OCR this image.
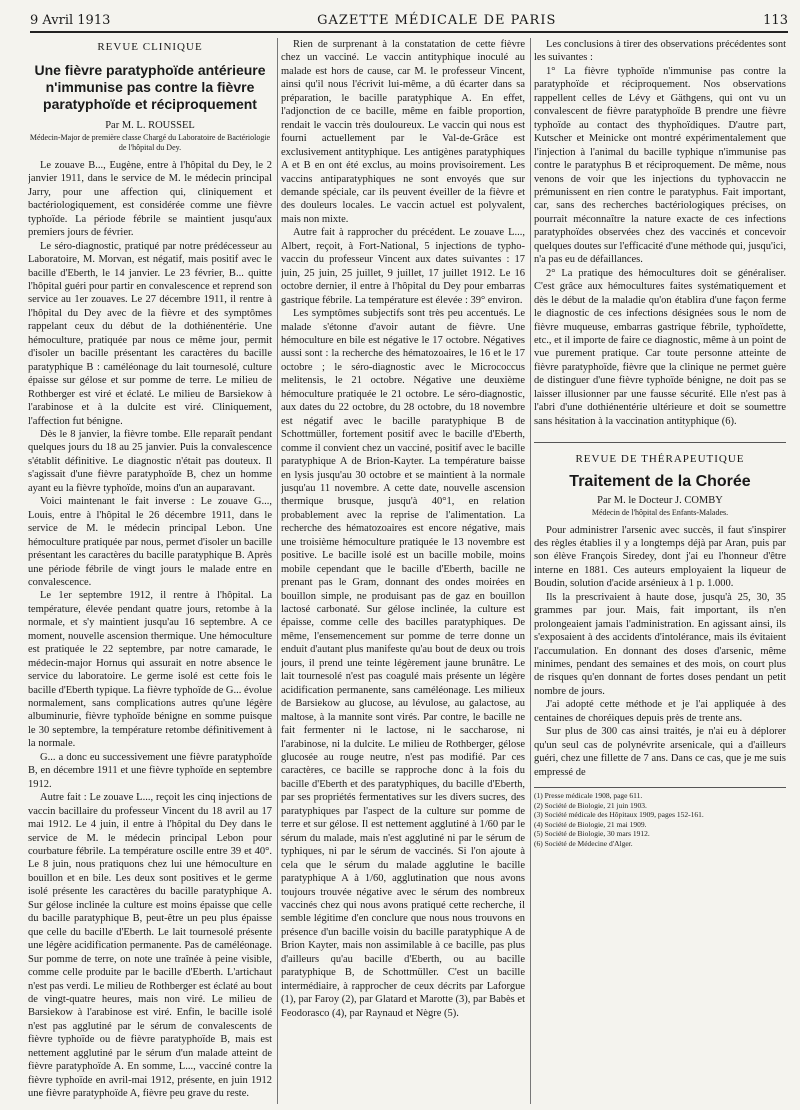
9 Avril 1913	GAZETTE MÉDICALE DE PARIS	113

REVUE CLINIQUE

Une fièvre paratyphoïde antérieure n'immunise pas contre la fièvre paratyphoïde et réciproquement

Par M. L. ROUSSEL

Médecin-Major de première classe Chargé du Laboratoire de Bactériologie de l'hôpital du Dey.

Le zouave B..., Eugène, entre à l'hôpital du Dey, le 2 janvier 1911, dans le service de M. le médecin principal Jarry, pour une affection qui, cliniquement et bactériologiquement, est considérée comme une fièvre typhoïde. La période fébrile se maintient jusqu'aux premiers jours de février.

Le séro-diagnostic, pratiqué par notre prédécesseur au Laboratoire, M. Morvan, est négatif, mais positif avec le bacille d'Eberth, le 14 janvier. Le 23 février, B... quitte l'hôpital guéri pour partir en convalescence et reprend son service au 1er zouaves. Le 27 décembre 1911, il rentre à l'hôpital du Dey avec de la fièvre et des symptômes rappelant ceux du début de la dothiénentérie. Une hémoculture, pratiquée par nous ce même jour, permit d'isoler un bacille présentant les caractères du bacille paratyphique B : caméléonage du lait tournesolé, culture épaisse sur gélose et sur pomme de terre. Le milieu de Rothberger est viré et éclaté. Le milieu de Barsiekow à l'arabinose et à la dulcite est viré. Cliniquement, l'affection fut bénigne.

Dès le 8 janvier, la fièvre tombe. Elle reparaît pendant quelques jours du 18 au 25 janvier. Puis la convalescence s'établit définitive. Le diagnostic n'était pas douteux. Il s'agissait d'une fièvre paratyphoïde B, chez un homme ayant eu la fièvre typhoïde, moins d'un an auparavant.

Voici maintenant le fait inverse : Le zouave G..., Louis, entre à l'hôpital le 26 décembre 1911, dans le service de M. le médecin principal Lebon. Une hémoculture pratiquée par nous, permet d'isoler un bacille présentant les caractères du bacille paratyphique B. Après une période fébrile de vingt jours le malade entre en convalescence.

Le 1er septembre 1912, il rentre à l'hôpital. La température, élevée pendant quatre jours, retombe à la normale, et s'y maintient jusqu'au 16 septembre. A ce moment, nouvelle ascension thermique. Une hémoculture est pratiquée le 22 septembre, par notre camarade, le médecin-major Hornus qui assurait en notre absence le service du laboratoire. Le germe isolé est cette fois le bacille d'Eberth typique. La fièvre typhoïde de G... évolue normalement, sans complications autres qu'une légère albuminurie, fièvre typhoïde bénigne en somme puisque le 30 septembre, la température retombe définitivement à la normale.

G... a donc eu successivement une fièvre paratyphoïde B, en décembre 1911 et une fièvre typhoïde en septembre 1912.

Autre fait : Le zouave L..., reçoit les cinq injections de vaccin bacillaire du professeur Vincent du 18 avril au 17 mai 1912. Le 4 juin, il entre à l'hôpital du Dey dans le service de M. le médecin principal Lebon pour courbature fébrile. La température oscille entre 39 et 40°. Le 8 juin, nous pratiquons chez lui une hémoculture en bouillon et en bile. Les deux sont positives et le germe isolé présente les caractères du bacille paratyphique A. Sur gélose inclinée la culture est moins épaisse que celle du bacille paratyphique B, peut-être un peu plus épaisse que celle du bacille d'Eberth. Le lait tournesolé présente une légère acidification permanente. Pas de caméléonage. Sur pomme de terre, on note une traînée à peine visible, comme celle produite par le bacille d'Eberth. L'artichaut n'est pas verdi. Le milieu de Rothberger est éclaté au bout de vingt-quatre heures, mais non viré. Le milieu de Barsiekow à l'arabinose est viré. Enfin, le bacille isolé n'est pas agglutiné par le sérum de convalescents de fièvre typhoïde ou de fièvre paratyphoïde B, mais est nettement agglutiné par le sérum d'un malade atteint de fièvre paratyphoïde A. En somme, L..., vacciné contre la fièvre typhoïde en avril-mai 1912, présente, en juin 1912 une fièvre paratyphoïde A, fièvre peu grave du reste.

Rien de surprenant à la constatation de cette fièvre chez un vacciné. Le vaccin antityphique inoculé au malade est hors de cause, car M. le professeur Vincent, ainsi qu'il nous l'écrivit lui-même, a dû écarter dans sa préparation, le bacille paratyphique A. En effet, l'adjonction de ce bacille, même en faible proportion, rendait le vaccin très douloureux. Le vaccin qui nous est fourni actuellement par le Val-de-Grâce est exclusivement antityphique. Les antigènes paratyphiques A et B en ont été exclus, au moins provisoirement. Les vaccins antiparatyphiques ne sont envoyés que sur demande spéciale, car ils peuvent éveiller de la fièvre et des douleurs locales. Le vaccin actuel est polyvalent, mais non mixte.

Autre fait à rapprocher du précédent. Le zouave L..., Albert, reçoit, à Fort-National, 5 injections de typho-vaccin du professeur Vincent aux dates suivantes : 17 juin, 25 juin, 25 juillet, 9 juillet, 17 juillet 1912. Le 16 octobre dernier, il entre à l'hôpital du Dey pour embarras gastrique fébrile. La température est élevée : 39° environ.

Les symptômes subjectifs sont très peu accentués. Le malade s'étonne d'avoir autant de fièvre. Une hémoculture en bile est négative le 17 octobre. Négatives aussi sont : la recherche des hématozoaires, le 16 et le 17 octobre ; le séro-diagnostic avec le Micrococcus melitensis, le 21 octobre. Négative une deuxième hémoculture pratiquée le 21 octobre. Le séro-diagnostic, aux dates du 22 octobre, du 28 octobre, du 18 novembre est négatif avec le bacille paratyphique B de Schottmüller, fortement positif avec le bacille d'Eberth, comme il convient chez un vacciné, positif avec le bacille paratyphique A de Brion-Kayter. La température baisse en lysis jusqu'au 30 octobre et se maintient à la normale jusqu'au 11 novembre. A cette date, nouvelle ascension thermique brusque, jusqu'à 40°1, en relation probablement avec la reprise de l'alimentation. La recherche des hématozoaires est encore négative, mais une troisième hémoculture pratiquée le 13 novembre est positive. Le bacille isolé est un bacille mobile, moins mobile cependant que le bacille d'Eberth, bacille ne prenant pas le Gram, donnant des ondes moirées en bouillon simple, ne produisant pas de gaz en bouillon lactosé carbonaté. Sur gélose inclinée, la culture est épaisse, comme celle des bacilles paratyphiques. De même, l'ensemencement sur pomme de terre donne un enduit d'autant plus manifeste qu'au bout de deux ou trois jours, il prend une teinte légèrement jaune brunâtre. Le lait tournesolé n'est pas coagulé mais présente un légère acidification permanente, sans caméléonage. Les milieux de Barsiekow au glucose, au lévulose, au galactose, au maltose, à la mannite sont virés. Par contre, le bacille ne fait fermenter ni le lactose, ni le saccharose, ni l'arabinose, ni la dulcite. Le milieu de Rothberger, gélose glucosée au rouge neutre, n'est pas modifié. Par ces caractères, ce bacille se rapproche donc à la fois du bacille d'Eberth et des paratyphiques, du bacille d'Eberth, par ses propriétés fermentatives sur les divers sucres, des paratyphiques par l'aspect de la culture sur pomme de terre et sur gélose. Il est nettement agglutiné à 1/60 par le sérum du malade, mais n'est agglutiné ni par le sérum de typhiques, ni par le sérum de vaccinés. Si l'on ajoute à cela que le sérum du malade agglutine le bacille paratyphique A à 1/60, agglutination que nous avons toujours trouvée négative avec le sérum des nombreux vaccinés chez qui nous avons pratiqué cette recherche, il semble légitime d'en conclure que nous nous trouvons en présence d'un bacille voisin du bacille paratyphique A de Brion Kayter, mais non assimilable à ce bacille, pas plus d'ailleurs qu'au bacille d'Eberth, ou au bacille paratyphique B, de Schottmüller. C'est un bacille intermédiaire, à rapprocher de ceux décrits par Laforgue (1), par Faroy (2), par Glatard et Marotte (3), par Babès et Feodorasco (4), par Raynaud et Nègre (5).

Les conclusions à tirer des observations précédentes sont les suivantes :

1° La fièvre typhoïde n'immunise pas contre la paratyphoïde et réciproquement. Nos observations rappellent celles de Lévy et Gäthgens, qui ont vu un convalescent de fièvre paratyphoïde B prendre une fièvre typhoïde au contact des thyphoïdiques. D'autre part, Kutscher et Meinicke ont montré expérimentalement que l'injection à l'animal du bacille typhique n'immunise pas contre le paratyphus B et réciproquement. De même, nous venons de voir que les injections du typhovaccin ne prémunissent en rien contre le paratyphus. Fait important, car, sans des recherches bactériologiques précises, on pourrait méconnaître la nature exacte de ces infections paratyphoïdes observées chez des vaccinés et concevoir quelques doutes sur l'efficacité d'une méthode qui, jusqu'ici, n'a pas eu de défaillances.

2° La pratique des hémocultures doit se généraliser. C'est grâce aux hémocultures faites systématiquement et dès le début de la maladie qu'on établira d'une façon ferme le diagnostic de ces infections désignées sous le nom de fièvre muqueuse, embarras gastrique fébrile, typhoïdette, etc., et il importe de faire ce diagnostic, même à un point de vue purement pratique. Car toute personne atteinte de fièvre paratyphoïde, fièvre que la clinique ne permet guère de distinguer d'une fièvre typhoïde bénigne, ne doit pas se laisser illusionner par une fausse sécurité. Elle n'est pas à l'abri d'une dothiénentérie ultérieure et doit se soumettre sans hésitation à la vaccination antityphique (6).

REVUE DE THÉRAPEUTIQUE

Traitement de la Chorée

Par M. le Docteur J. COMBY

Médecin de l'hôpital des Enfants-Malades.

Pour administrer l'arsenic avec succès, il faut s'inspirer des règles établies il y a longtemps déjà par Aran, puis par son élève François Siredey, dont j'ai eu l'honneur d'être interne en 1881. Ces auteurs employaient la liqueur de Boudin, solution d'acide arsénieux à 1 p. 1.000.

Ils la prescrivaient à haute dose, jusqu'à 25, 30, 35 grammes par jour. Mais, fait important, ils n'en prolongeaient jamais l'administration. En agissant ainsi, ils s'exposaient à des accidents d'intolérance, mais ils évitaient l'accumulation. En donnant des doses d'arsenic, même minimes, pendant des semaines et des mois, on court plus de risques qu'en donnant de fortes doses pendant un petit nombre de jours.

J'ai adopté cette méthode et je l'ai appliquée à des centaines de choréiques depuis près de trente ans.

Sur plus de 300 cas ainsi traités, je n'ai eu à déplorer qu'un seul cas de polynévrite arsenicale, qui a d'ailleurs guéri, chez une fillette de 7 ans. Dans ce cas, que je me suis empressé de

(1) Presse médicale 1908, page 611.

(2) Société de Biologie, 21 juin 1903.

(3) Société médicale des Hôpitaux 1909, pages 152-161.

(4) Société de Biologie, 21 mai 1909.

(5) Société de Biologie, 30 mars 1912.

(6) Société de Médecine d'Alger.
